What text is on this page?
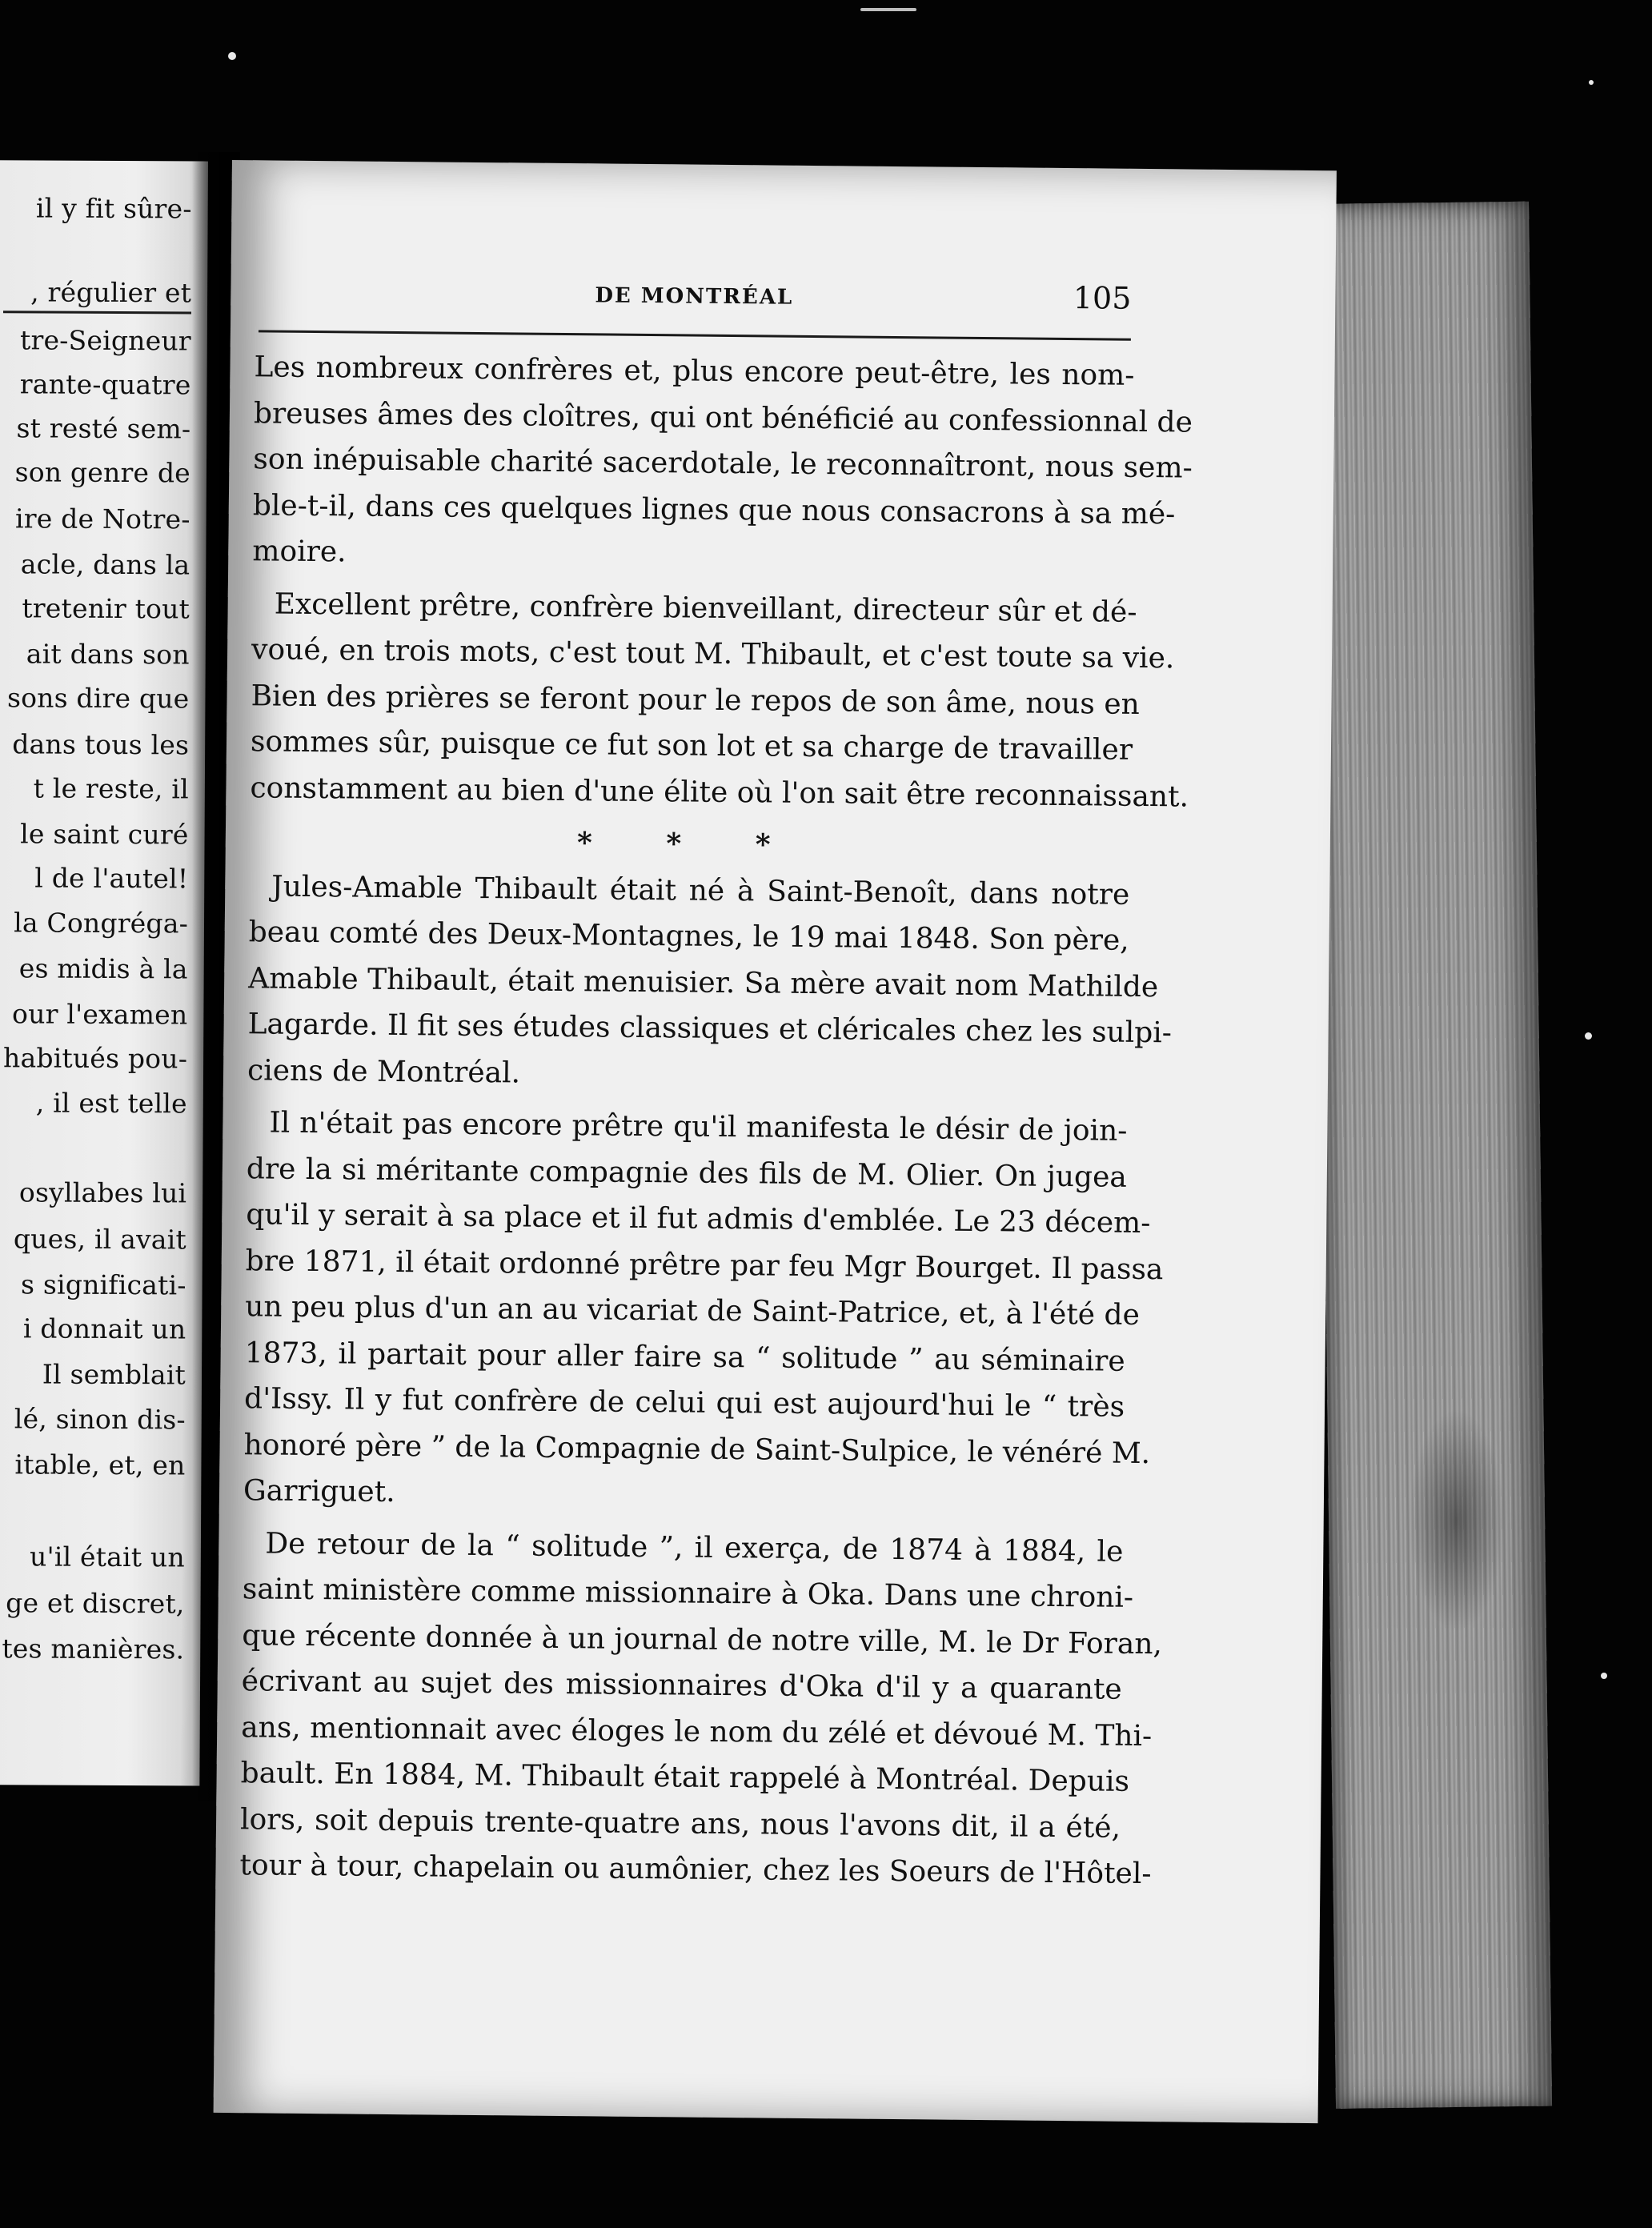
il y fit sûre-
, régulier et
tre-Seigneur
rante-quatre
st resté sem-
son genre de
ire de Notre-
acle, dans la
tretenir tout
ait dans son
sons dire que
dans tous les
t le reste, il
le saint curé
l de l'autel!
la Congréga-
es midis à la
our l'examen
habitués pou-
, il est telle
osyllabes lui
ques, il avait
s significati-
i donnait un
Il semblait
lé, sinon dis-
itable, et, en
u'il était un
ge et discret,
tes manières.
DE MONTRÉAL	105
Les nombreux confrères et, plus encore peut-être, les nom-
breuses âmes des cloîtres, qui ont bénéficié au confessionnal de
son inépuisable charité sacerdotale, le reconnaîtront, nous sem-
ble-t-il, dans ces quelques lignes que nous consacrons à sa mé-
moire.
Excellent prêtre, confrère bienveillant, directeur sûr et dé-
voué, en trois mots, c'est tout M. Thibault, et c'est toute sa vie.
Bien des prières se feront pour le repos de son âme, nous en
sommes sûr, puisque ce fut son lot et sa charge de travailler
constamment au bien d'une élite où l'on sait être reconnaissant.
* * *
Jules-Amable Thibault était né à Saint-Benoît, dans notre
beau comté des Deux-Montagnes, le 19 mai 1848. Son père,
Amable Thibault, était menuisier. Sa mère avait nom Mathilde
Lagarde. Il fit ses études classiques et cléricales chez les sulpi-
ciens de Montréal.
Il n'était pas encore prêtre qu'il manifesta le désir de join-
dre la si méritante compagnie des fils de M. Olier. On jugea
qu'il y serait à sa place et il fut admis d'emblée. Le 23 décem-
bre 1871, il était ordonné prêtre par feu Mgr Bourget. Il passa
un peu plus d'un an au vicariat de Saint-Patrice, et, à l'été de
1873, il partait pour aller faire sa “ solitude ” au séminaire
d'Issy. Il y fut confrère de celui qui est aujourd'hui le “ très
honoré père ” de la Compagnie de Saint-Sulpice, le vénéré M.
Garriguet.
De retour de la “ solitude ”, il exerça, de 1874 à 1884, le
saint ministère comme missionnaire à Oka. Dans une chroni-
que récente donnée à un journal de notre ville, M. le Dr Foran,
écrivant au sujet des missionnaires d'Oka d'il y a quarante
ans, mentionnait avec éloges le nom du zélé et dévoué M. Thi-
bault. En 1884, M. Thibault était rappelé à Montréal. Depuis
lors, soit depuis trente-quatre ans, nous l'avons dit, il a été,
tour à tour, chapelain ou aumônier, chez les Soeurs de l'Hôtel-
